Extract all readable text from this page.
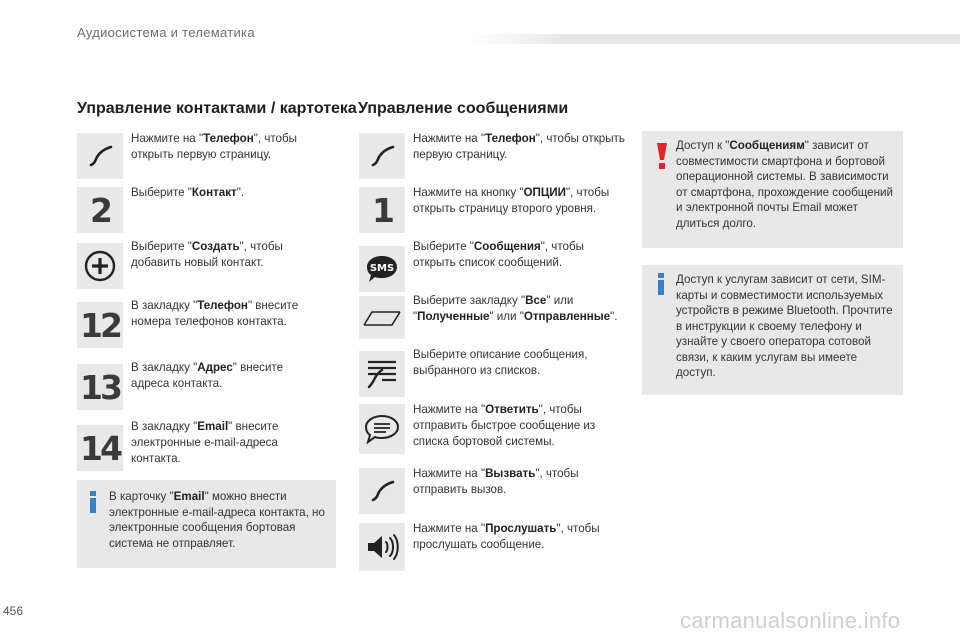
Аудиосистема и телематика
Управление контактами / картотека Управление сообщениями
Нажмите на "Телефон", чтобы открыть первую страницу.
2 Выберите "Контакт".
Выберите "Создать", чтобы добавить новый контакт.
12 В закладку "Телефон" внесите номера телефонов контакта.
13 В закладку "Адрес" внесите адреса контакта.
14
В закладку "Email" внесите электронные e-mail-адреса контакта.
В карточку "Email" можно внести электронные e-mail-адреса контакта, но электронные сообщения бортовая система не отправляет.
Нажмите на "Телефон", чтобы открыть первую страницу.
1 Нажмите на кнопку "ОПЦИИ", чтобы открыть страницу второго уровня.
SMS
Выберите "Сообщения", чтобы открыть список сообщений.
Выберите закладку "Все" или "Полученные" или "Отправленные".
Выберите описание сообщения, выбранного из списков.
Нажмите на "Ответить", чтобы отправить быстрое сообщение из списка бортовой системы.
Нажмите на "Вызвать", чтобы отправить вызов.
Нажмите на "Прослушать", чтобы прослушать сообщение.
Доступ к "Сообщениям" зависит от совместимости смартфона и бортовой операционной системы. В зависимости от смартфона, прохождение сообщений и электронной почты Email может длиться долго.
Доступ к услугам зависит от сети, SIM-карты и совместимости используемых устройств в режиме Bluetooth. Прочтите в инструкции к своему телефону и узнайте у своего оператора сотовой связи, к каким услугам вы имеете доступ.
456	carmanualsonline.info
